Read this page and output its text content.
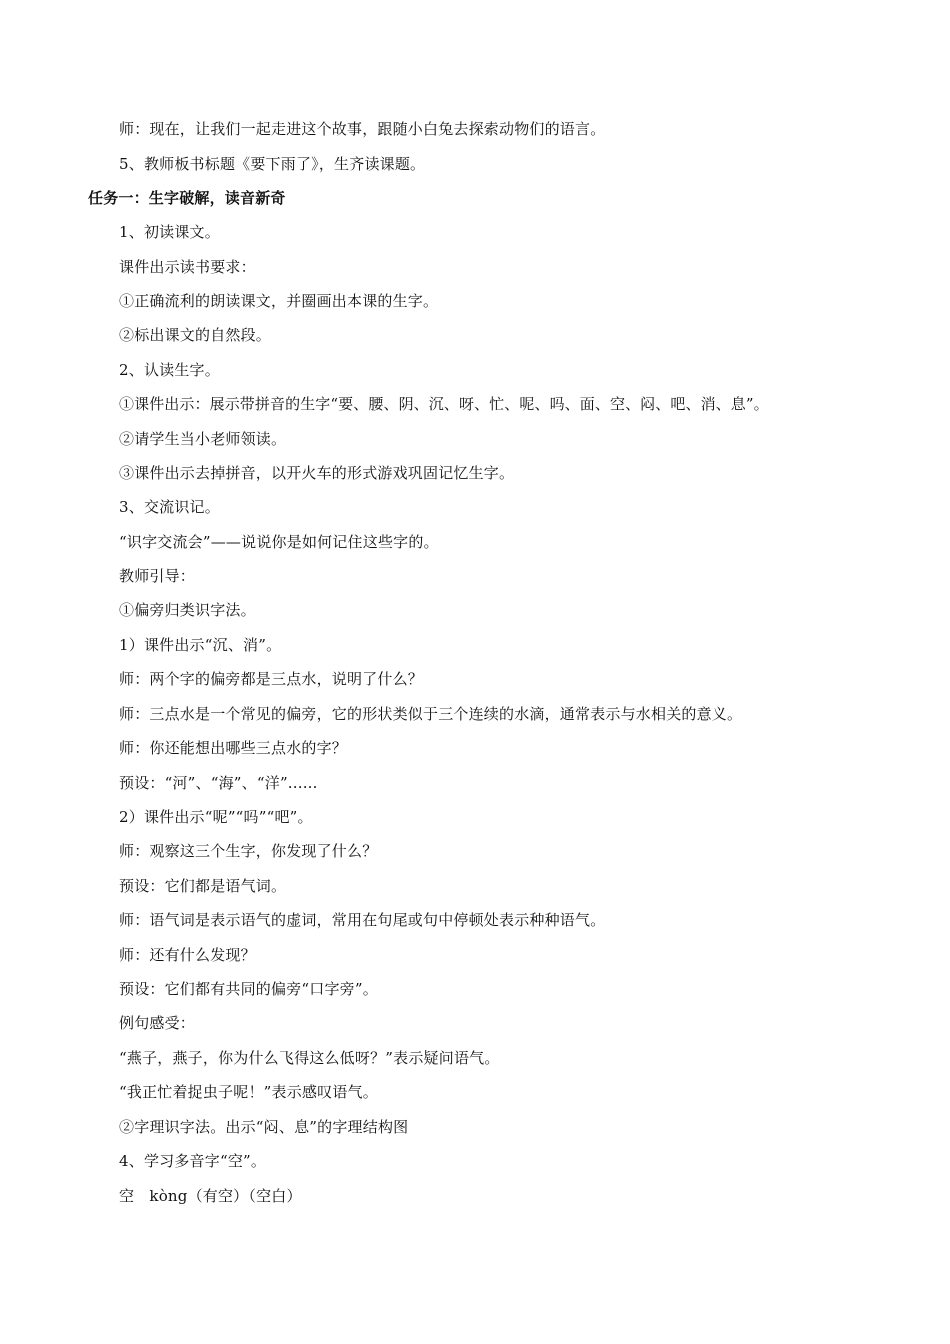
师：现在，让我们一起走进这个故事，跟随小白兔去探索动物们的语言。
5、教师板书标题《要下雨了》，生齐读课题。
任务一：生字破解，读音新奇
1、初读课文。
课件出示读书要求：
①正确流利的朗读课文，并圈画出本课的生字。
②标出课文的自然段。
2、认读生字。
①课件出示：展示带拼音的生字“要、腰、阴、沉、呀、忙、呢、吗、面、空、闷、吧、消、息”。
②请学生当小老师领读。
③课件出示去掉拼音，以开火车的形式游戏巩固记忆生字。
3、交流识记。
“识字交流会”——说说你是如何记住这些字的。
教师引导：
①偏旁归类识字法。
1）课件出示“沉、消”。
师：两个字的偏旁都是三点水，说明了什么？
师：三点水是一个常见的偏旁，它的形状类似于三个连续的水滴，通常表示与水相关的意义。
师：你还能想出哪些三点水的字？
预设：“河”、“海”、“洋”......
2）课件出示“呢”“吗”“吧”。
师：观察这三个生字，你发现了什么？
预设：它们都是语气词。
师：语气词是表示语气的虚词，常用在句尾或句中停顿处表示种种语气。
师：还有什么发现？
预设：它们都有共同的偏旁“口字旁”。
例句感受：
“燕子，燕子，你为什么飞得这么低呀？”表示疑问语气。
“我正忙着捉虫子呢！”表示感叹语气。
②字理识字法。出示“闷、息”的字理结构图
4、学习多音字“空”。
空　kòng（有空）（空白）
